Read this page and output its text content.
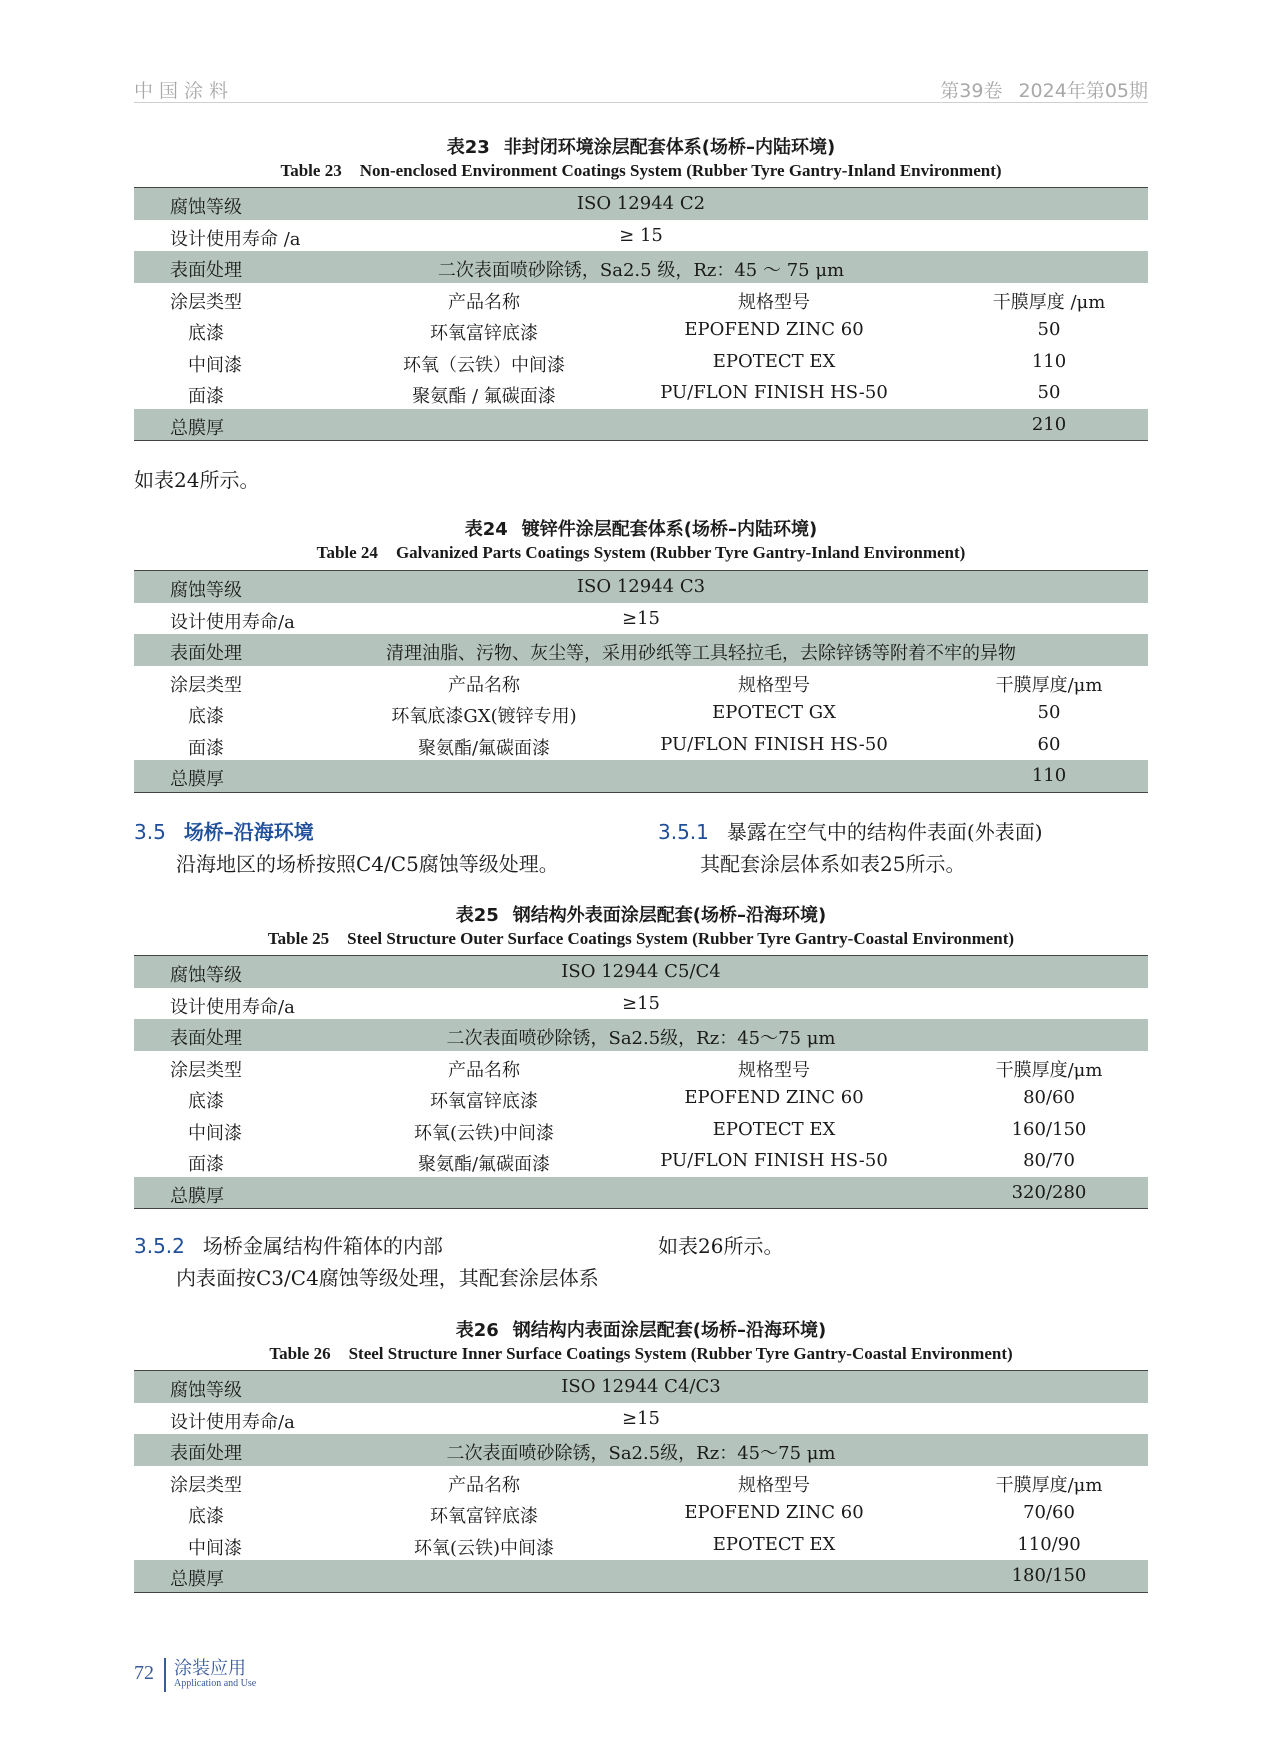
中国涂料	第39卷 2024年第05期
表23 非封闭环境涂层配套体系(场桥–内陆环境)
Table 23 Non-enclosed Environment Coatings System (Rubber Tyre Gantry-Inland Environment)
腐蚀等级	ISO 12944 C2
设计使用寿命 /a	≥ 15
表面处理	二次表面喷砂除锈，Sa2.5 级，Rz：45 ～ 75 μm
涂层类型	产品名称	规格型号	干膜厚度 /μm
底漆	环氧富锌底漆	EPOFEND ZINC 60	50
中间漆	环氧（云铁）中间漆	EPOTECT EX	110
面漆	聚氨酯 / 氟碳面漆	PU/FLON FINISH HS-50	50
总膜厚	210
如表24所示。
表24 镀锌件涂层配套体系(场桥–内陆环境)
Table 24 Galvanized Parts Coatings System (Rubber Tyre Gantry-Inland Environment)
腐蚀等级	ISO 12944 C3
设计使用寿命/a	≥15
表面处理	清理油脂、污物、灰尘等，采用砂纸等工具轻拉毛，去除锌锈等附着不牢的异物
涂层类型	产品名称	规格型号	干膜厚度/μm
底漆	环氧底漆GX(镀锌专用)	EPOTECT GX	50
面漆	聚氨酯/氟碳面漆	PU/FLON FINISH HS-50	60
总膜厚	110
3.5 场桥–沿海环境
沿海地区的场桥按照C4/C5腐蚀等级处理。
3.5.1 暴露在空气中的结构件表面(外表面)
其配套涂层体系如表25所示。
表25 钢结构外表面涂层配套(场桥–沿海环境)
Table 25 Steel Structure Outer Surface Coatings System (Rubber Tyre Gantry-Coastal Environment)
腐蚀等级	ISO 12944 C5/C4
设计使用寿命/a	≥15
表面处理	二次表面喷砂除锈，Sa2.5级，Rz：45～75 μm
涂层类型	产品名称	规格型号	干膜厚度/μm
底漆	环氧富锌底漆	EPOFEND ZINC 60	80/60
中间漆	环氧(云铁)中间漆	EPOTECT EX	160/150
面漆	聚氨酯/氟碳面漆	PU/FLON FINISH HS-50	80/70
总膜厚	320/280
3.5.2 场桥金属结构件箱体的内部
内表面按C3/C4腐蚀等级处理，其配套涂层体系
如表26所示。
表26 钢结构内表面涂层配套(场桥–沿海环境)
Table 26 Steel Structure Inner Surface Coatings System (Rubber Tyre Gantry-Coastal Environment)
腐蚀等级	ISO 12944 C4/C3
设计使用寿命/a	≥15
表面处理	二次表面喷砂除锈，Sa2.5级，Rz：45～75 μm
涂层类型	产品名称	规格型号	干膜厚度/μm
底漆	环氧富锌底漆	EPOFEND ZINC 60	70/60
中间漆	环氧(云铁)中间漆	EPOTECT EX	110/90
总膜厚	180/150
72 涂装应用
Application and Use
